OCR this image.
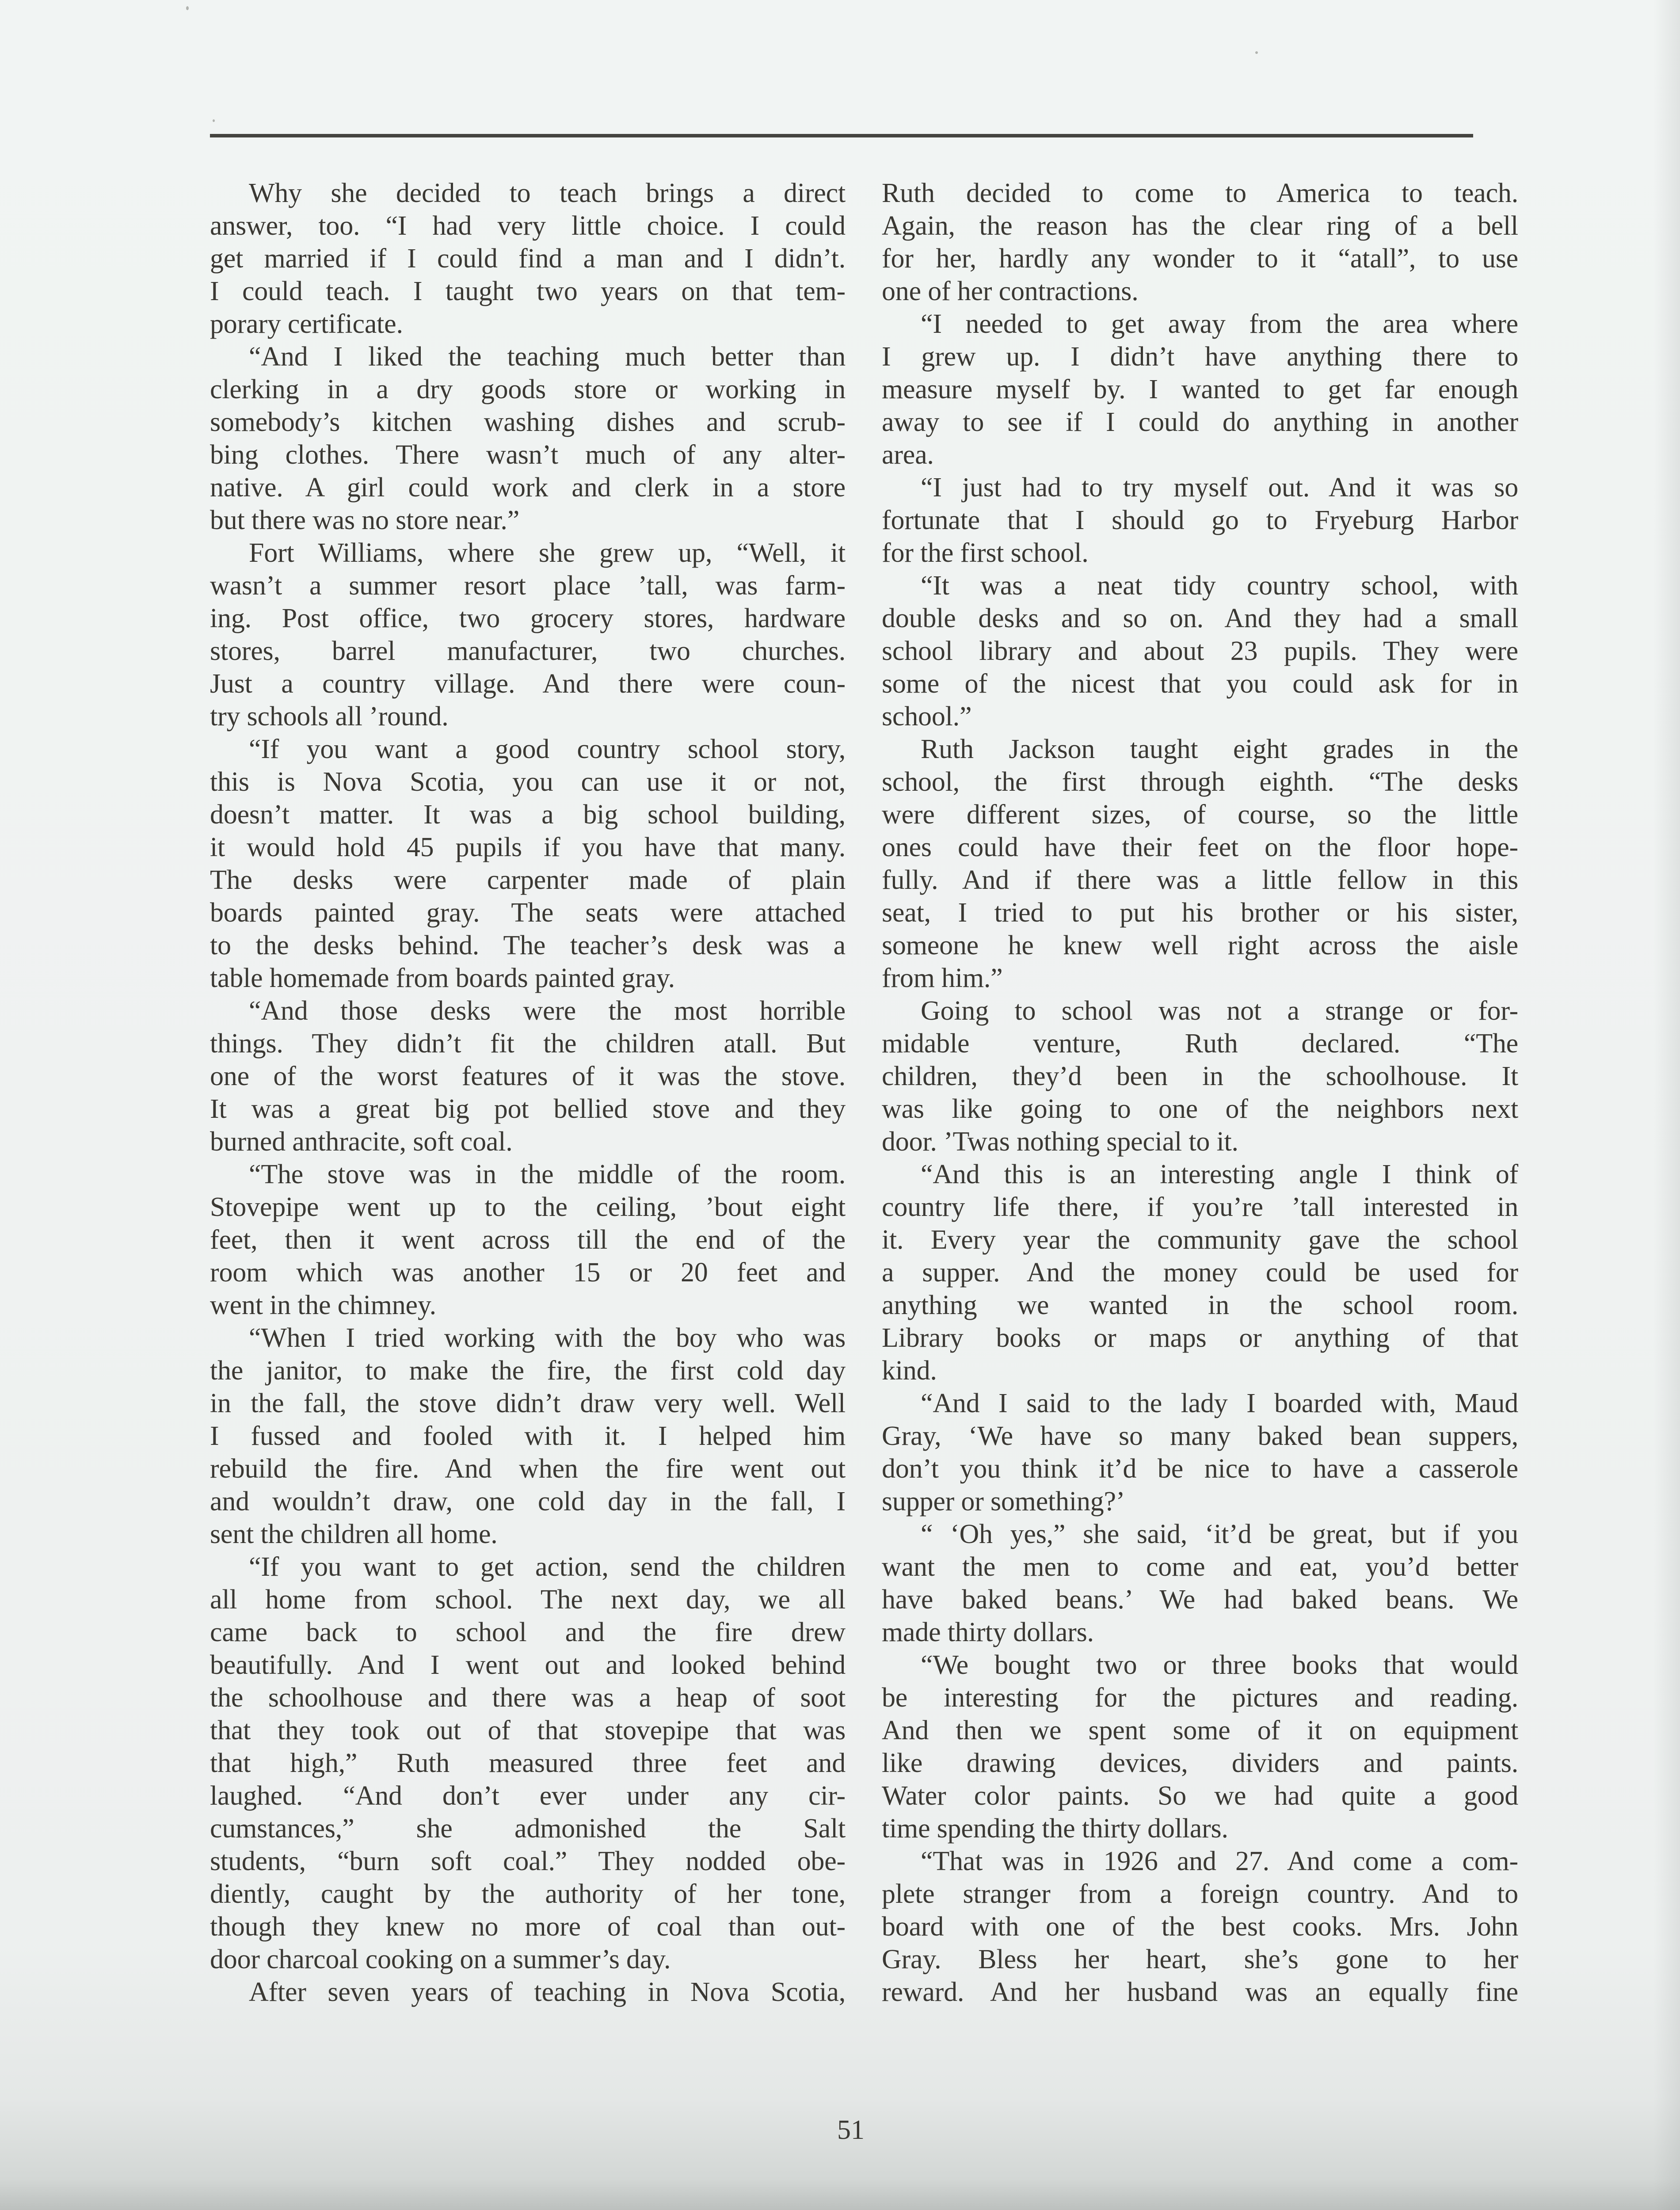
Why she decided to teach brings a direct
answer, too. “I had very little choice. I could
get married if I could find a man and I didn’t.
I could teach. I taught two years on that tem-
porary certificate.
“And I liked the teaching much better than
clerking in a dry goods store or working in
somebody’s kitchen washing dishes and scrub-
bing clothes. There wasn’t much of any alter-
native. A girl could work and clerk in a store
but there was no store near.”
Fort Williams, where she grew up, “Well, it
wasn’t a summer resort place ’tall, was farm-
ing. Post office, two grocery stores, hardware
stores, barrel manufacturer, two churches.
Just a country village. And there were coun-
try schools all ’round.
“If you want a good country school story,
this is Nova Scotia, you can use it or not,
doesn’t matter. It was a big school building,
it would hold 45 pupils if you have that many.
The desks were carpenter made of plain
boards painted gray. The seats were attached
to the desks behind. The teacher’s desk was a
table homemade from boards painted gray.
“And those desks were the most horrible
things. They didn’t fit the children atall. But
one of the worst features of it was the stove.
It was a great big pot bellied stove and they
burned anthracite, soft coal.
“The stove was in the middle of the room.
Stovepipe went up to the ceiling, ’bout eight
feet, then it went across till the end of the
room which was another 15 or 20 feet and
went in the chimney.
“When I tried working with the boy who was
the janitor, to make the fire, the first cold day
in the fall, the stove didn’t draw very well. Well
I fussed and fooled with it. I helped him
rebuild the fire. And when the fire went out
and wouldn’t draw, one cold day in the fall, I
sent the children all home.
“If you want to get action, send the children
all home from school. The next day, we all
came back to school and the fire drew
beautifully. And I went out and looked behind
the schoolhouse and there was a heap of soot
that they took out of that stovepipe that was
that high,” Ruth measured three feet and
laughed. “And don’t ever under any cir-
cumstances,” she admonished the Salt
students, “burn soft coal.” They nodded obe-
diently, caught by the authority of her tone,
though they knew no more of coal than out-
door charcoal cooking on a summer’s day.
After seven years of teaching in Nova Scotia,
Ruth decided to come to America to teach.
Again, the reason has the clear ring of a bell
for her, hardly any wonder to it “atall”, to use
one of her contractions.
“I needed to get away from the area where
I grew up. I didn’t have anything there to
measure myself by. I wanted to get far enough
away to see if I could do anything in another
area.
“I just had to try myself out. And it was so
fortunate that I should go to Fryeburg Harbor
for the first school.
“It was a neat tidy country school, with
double desks and so on. And they had a small
school library and about 23 pupils. They were
some of the nicest that you could ask for in
school.”
Ruth Jackson taught eight grades in the
school, the first through eighth. “The desks
were different sizes, of course, so the little
ones could have their feet on the floor hope-
fully. And if there was a little fellow in this
seat, I tried to put his brother or his sister,
someone he knew well right across the aisle
from him.”
Going to school was not a strange or for-
midable venture, Ruth declared. “The
children, they’d been in the schoolhouse. It
was like going to one of the neighbors next
door. ’Twas nothing special to it.
“And this is an interesting angle I think of
country life there, if you’re ’tall interested in
it. Every year the community gave the school
a supper. And the money could be used for
anything we wanted in the school room.
Library books or maps or anything of that
kind.
“And I said to the lady I boarded with, Maud
Gray, ‘We have so many baked bean suppers,
don’t you think it’d be nice to have a casserole
supper or something?’
“ ‘Oh yes,” she said, ‘it’d be great, but if you
want the men to come and eat, you’d better
have baked beans.’ We had baked beans. We
made thirty dollars.
“We bought two or three books that would
be interesting for the pictures and reading.
And then we spent some of it on equipment
like drawing devices, dividers and paints.
Water color paints. So we had quite a good
time spending the thirty dollars.
“That was in 1926 and 27. And come a com-
plete stranger from a foreign country. And to
board with one of the best cooks. Mrs. John
Gray. Bless her heart, she’s gone to her
reward. And her husband was an equally fine
51
